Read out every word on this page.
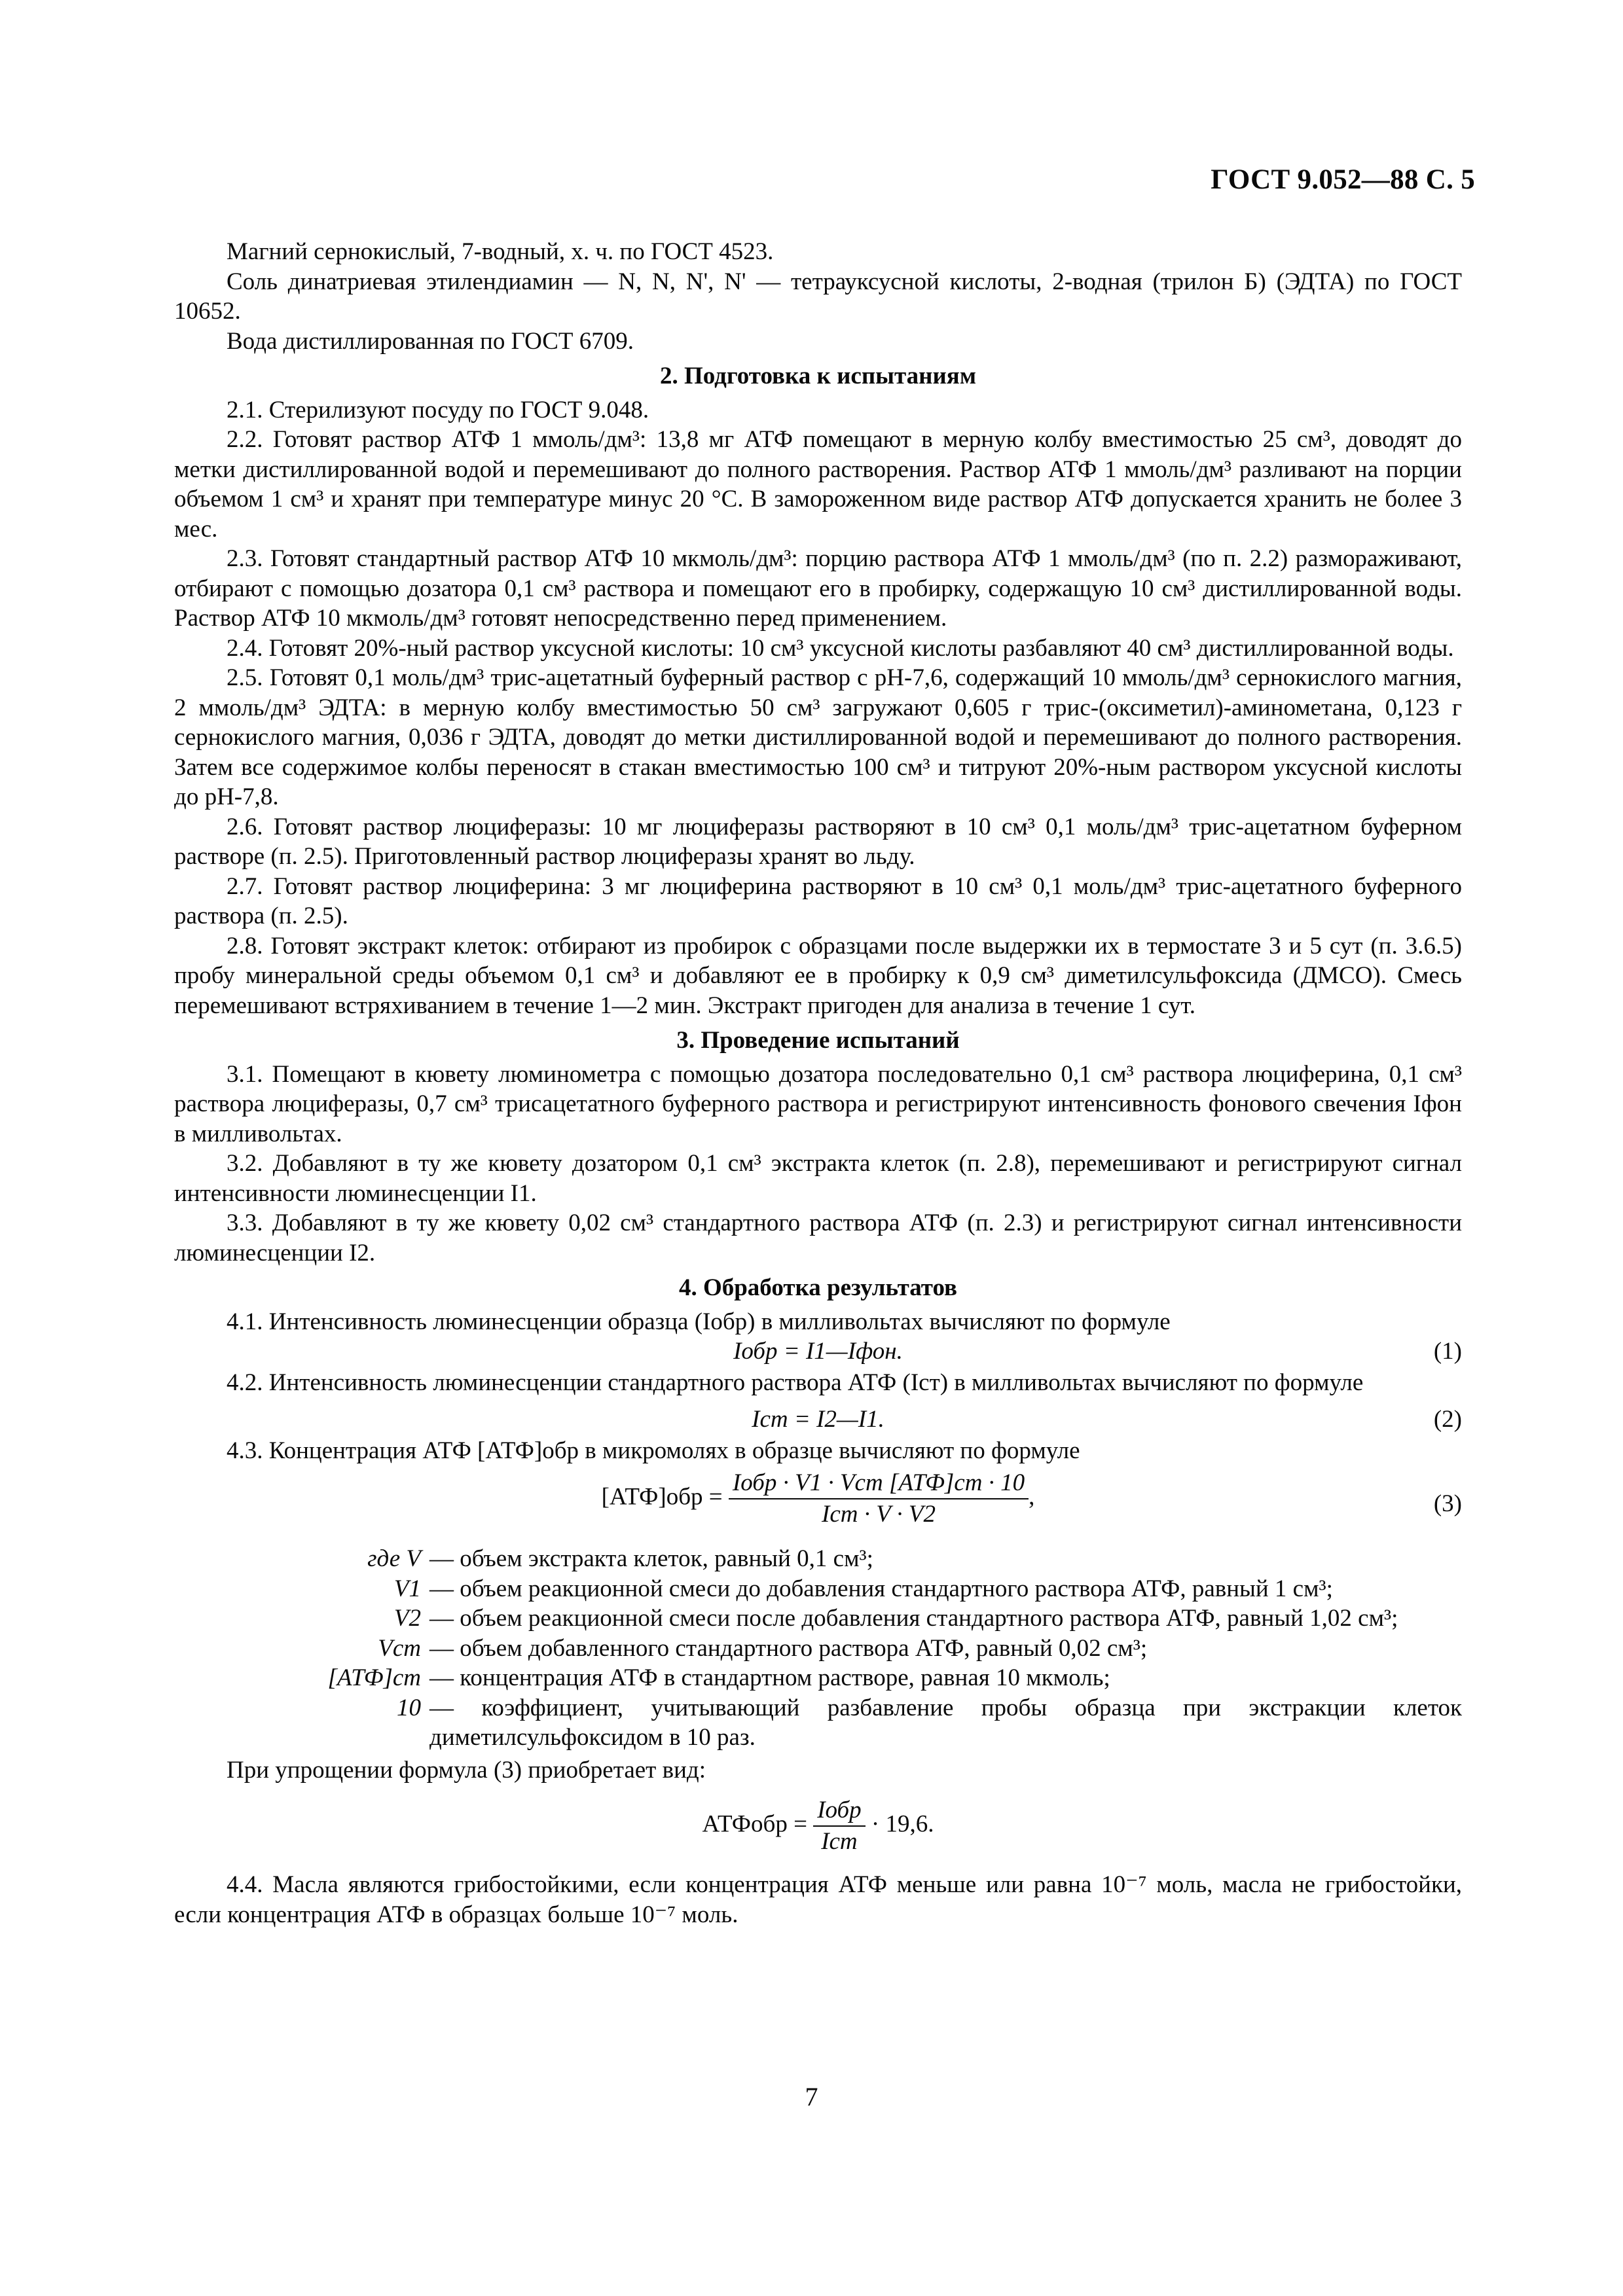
ГОСТ 9.052—88 С. 5

Магний сернокислый, 7-водный, х. ч. по ГОСТ 4523.

Соль динатриевая этилендиамин — N, N, N', N' — тетрауксусной кислоты, 2-водная (трилон Б) (ЭДТА) по ГОСТ 10652.

Вода дистиллированная по ГОСТ 6709.

2. Подготовка к испытаниям

2.1. Стерилизуют посуду по ГОСТ 9.048.

2.2. Готовят раствор АТФ 1 ммоль/дм³: 13,8 мг АТФ помещают в мерную колбу вместимостью 25 см³, доводят до метки дистиллированной водой и перемешивают до полного растворения. Раствор АТФ 1 ммоль/дм³ разливают на порции объемом 1 см³ и хранят при температуре минус 20 °С. В замороженном виде раствор АТФ допускается хранить не более 3 мес.

2.3. Готовят стандартный раствор АТФ 10 мкмоль/дм³: порцию раствора АТФ 1 ммоль/дм³ (по п. 2.2) размораживают, отбирают с помощью дозатора 0,1 см³ раствора и помещают его в пробирку, содержащую 10 см³ дистиллированной воды. Раствор АТФ 10 мкмоль/дм³ готовят непосредственно перед применением.

2.4. Готовят 20%-ный раствор уксусной кислоты: 10 см³ уксусной кислоты разбавляют 40 см³ дистиллированной воды.

2.5. Готовят 0,1 моль/дм³ трис-ацетатный буферный раствор с рН-7,6, содержащий 10 ммоль/дм³ сернокислого магния, 2 ммоль/дм³ ЭДТА: в мерную колбу вместимостью 50 см³ загружают 0,605 г трис-(оксиметил)-аминометана, 0,123 г сернокислого магния, 0,036 г ЭДТА, доводят до метки дистиллированной водой и перемешивают до полного растворения. Затем все содержимое колбы переносят в стакан вместимостью 100 см³ и титруют 20%-ным раствором уксусной кислоты до рН-7,8.

2.6. Готовят раствор люциферазы: 10 мг люциферазы растворяют в 10 см³ 0,1 моль/дм³ трис-ацетатном буферном растворе (п. 2.5). Приготовленный раствор люциферазы хранят во льду.

2.7. Готовят раствор люциферина: 3 мг люциферина растворяют в 10 см³ 0,1 моль/дм³ трис-ацетатного буферного раствора (п. 2.5).

2.8. Готовят экстракт клеток: отбирают из пробирок с образцами после выдержки их в термостате 3 и 5 сут (п. 3.6.5) пробу минеральной среды объемом 0,1 см³ и добавляют ее в пробирку к 0,9 см³ диметилсульфоксида (ДМСО). Смесь перемешивают встряхиванием в течение 1—2 мин. Экстракт пригоден для анализа в течение 1 сут.

3. Проведение испытаний

3.1. Помещают в кювету люминометра с помощью дозатора последовательно 0,1 см³ раствора люциферина, 0,1 см³ раствора люциферазы, 0,7 см³ трисацетатного буферного раствора и регистрируют интенсивность фонового свечения Iфон в милливольтах.

3.2. Добавляют в ту же кювету дозатором 0,1 см³ экстракта клеток (п. 2.8), перемешивают и регистрируют сигнал интенсивности люминесценции I1.

3.3. Добавляют в ту же кювету 0,02 см³ стандартного раствора АТФ (п. 2.3) и регистрируют сигнал интенсивности люминесценции I2.

4. Обработка результатов

4.1. Интенсивность люминесценции образца (Iобр) в милливольтах вычисляют по формуле

Iобр = I1—Iфон.	(1)

4.2. Интенсивность люминесценции стандартного раствора АТФ (Iст) в милливольтах вычисляют по формуле

Iст = I2—I1.	(2)

4.3. Концентрация АТФ [АТФ]обр в микромолях в образце вычисляют по формуле

$[АТФ]обр = \frac{\text{Iобр · V1 · Vст [АТФ]ст · 10}}{\text{Iст · V · V2}}$ ,	(3)
где V — объем экстракта клеток, равный 0,1 см³;
V1 — объем реакционной смеси до добавления стандартного раствора АТФ, равный 1 см³;
V2 — объем реакционной смеси после добавления стандартного раствора АТФ, равный 1,02 см³;
Vст — объем добавленного стандартного раствора АТФ, равный 0,02 см³;
[АТФ]ст — концентрация АТФ в стандартном растворе, равная 10 мкмоль;
10 — коэффициент, учитывающий разбавление пробы образца при экстракции клеток диметилсульфоксидом в 10 раз.

При упрощении формула (3) приобретает вид:

АТФобр = $\frac{\text{Iобр}}{\text{Iст}} \cdot 19,6$.

4.4. Масла являются грибостойкими, если концентрация АТФ меньше или равна 10⁻⁷ моль, масла не грибостойки, если концентрация АТФ в образцах больше 10⁻⁷ моль.

7
